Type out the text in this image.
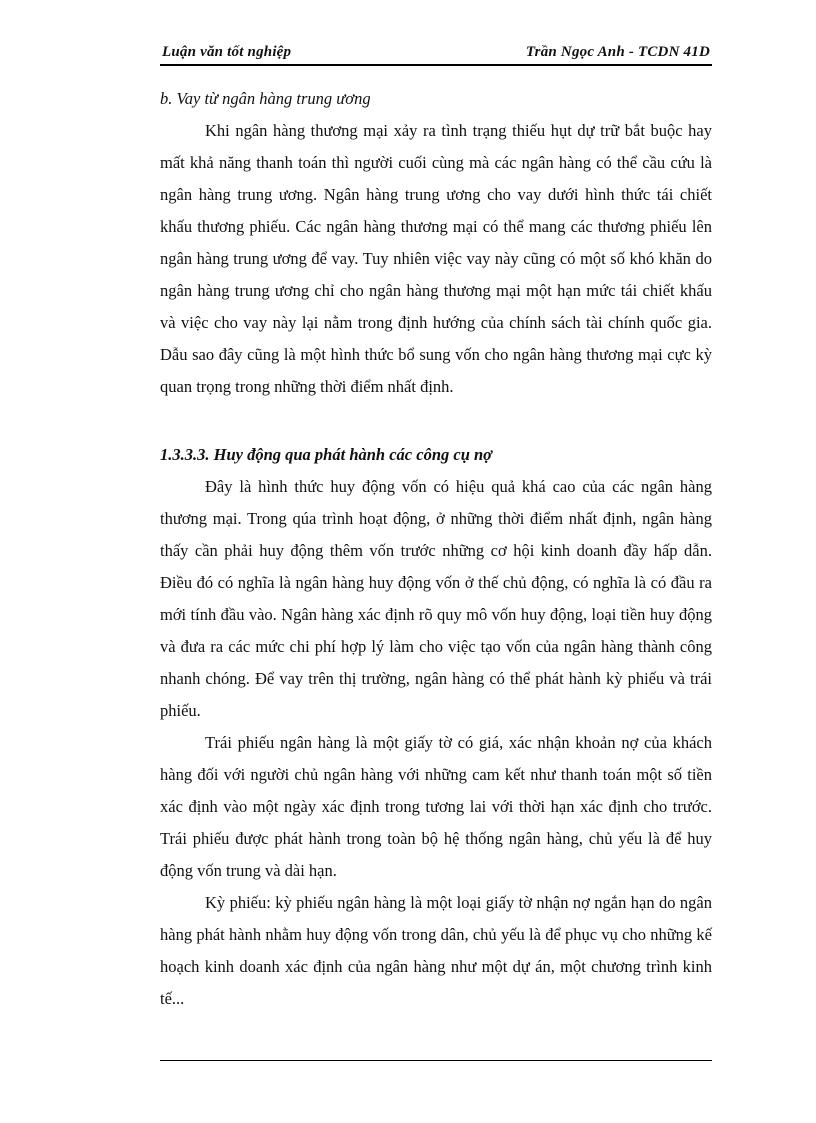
Luận văn tốt nghiệp	Trần Ngọc Anh - TCDN 41D
b. Vay từ ngân hàng trung ương

Khi ngân hàng thương mại xảy ra tình trạng thiếu hụt dự trữ bắt buộc hay mất khả năng thanh toán thì người cuối cùng mà các ngân hàng có thể cầu cứu là ngân hàng trung ương. Ngân hàng trung ương cho vay dưới hình thức tái chiết khấu thương phiếu. Các ngân hàng thương mại có thể mang các thương phiếu lên ngân hàng trung ương để vay. Tuy nhiên việc vay này cũng có một số khó khăn do ngân hàng trung ương chỉ cho ngân hàng thương mại một hạn mức tái chiết khấu và việc cho vay này lại nằm trong định hướng của chính sách tài chính quốc gia. Dẫu sao đây cũng là một hình thức bổ sung vốn cho ngân hàng thương mại cực kỳ quan trọng trong những thời điểm nhất định.

1.3.3.3. Huy động qua phát hành các công cụ nợ

Đây là hình thức huy động vốn có hiệu quả khá cao của các ngân hàng thương mại. Trong qúa trình hoạt động, ở những thời điểm nhất định, ngân hàng thấy cần phải huy động thêm vốn trước những cơ hội kinh doanh đầy hấp dẫn. Điều đó có nghĩa là ngân hàng huy động vốn ở thế chủ động, có nghĩa là có đầu ra mới tính đầu vào. Ngân hàng xác định rõ quy mô vốn huy động, loại tiền huy động và đưa ra các mức chi phí hợp lý làm cho việc tạo vốn của ngân hàng thành công nhanh chóng. Để vay trên thị trường, ngân hàng có thể phát hành kỳ phiếu và trái phiếu.

Trái phiếu ngân hàng là một giấy tờ có giá, xác nhận khoản nợ của khách hàng đối với người chủ ngân hàng với những cam kết như thanh toán một số tiền xác định vào một ngày xác định trong tương lai với thời hạn xác định cho trước. Trái phiếu được phát hành trong toàn bộ hệ thống ngân hàng, chủ yếu là để huy động vốn trung và dài hạn.

Kỳ phiếu: kỳ phiếu ngân hàng là một loại giấy tờ nhận nợ ngắn hạn do ngân hàng phát hành nhằm huy động vốn trong dân, chủ yếu là để phục vụ cho những kế hoạch kinh doanh xác định của ngân hàng như một dự án, một chương trình kinh tế...
